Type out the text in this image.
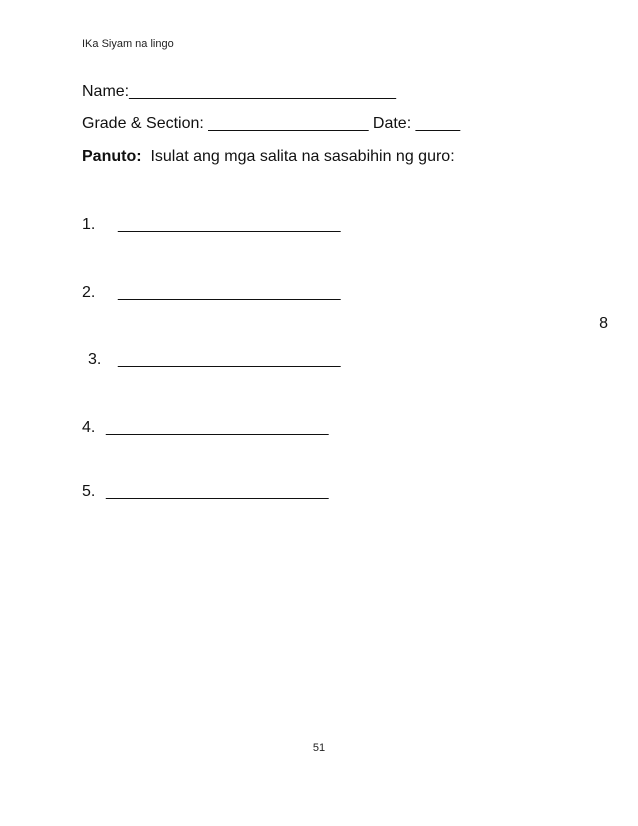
IKa Siyam na lingo
Name:______________________________
Grade & Section: __________________ Date: _____
Panuto:  Isulat ang mga salita na sasabihin ng guro:
1. _________________________
2. _________________________
8
3. _________________________
4. _________________________
5. _________________________
51
